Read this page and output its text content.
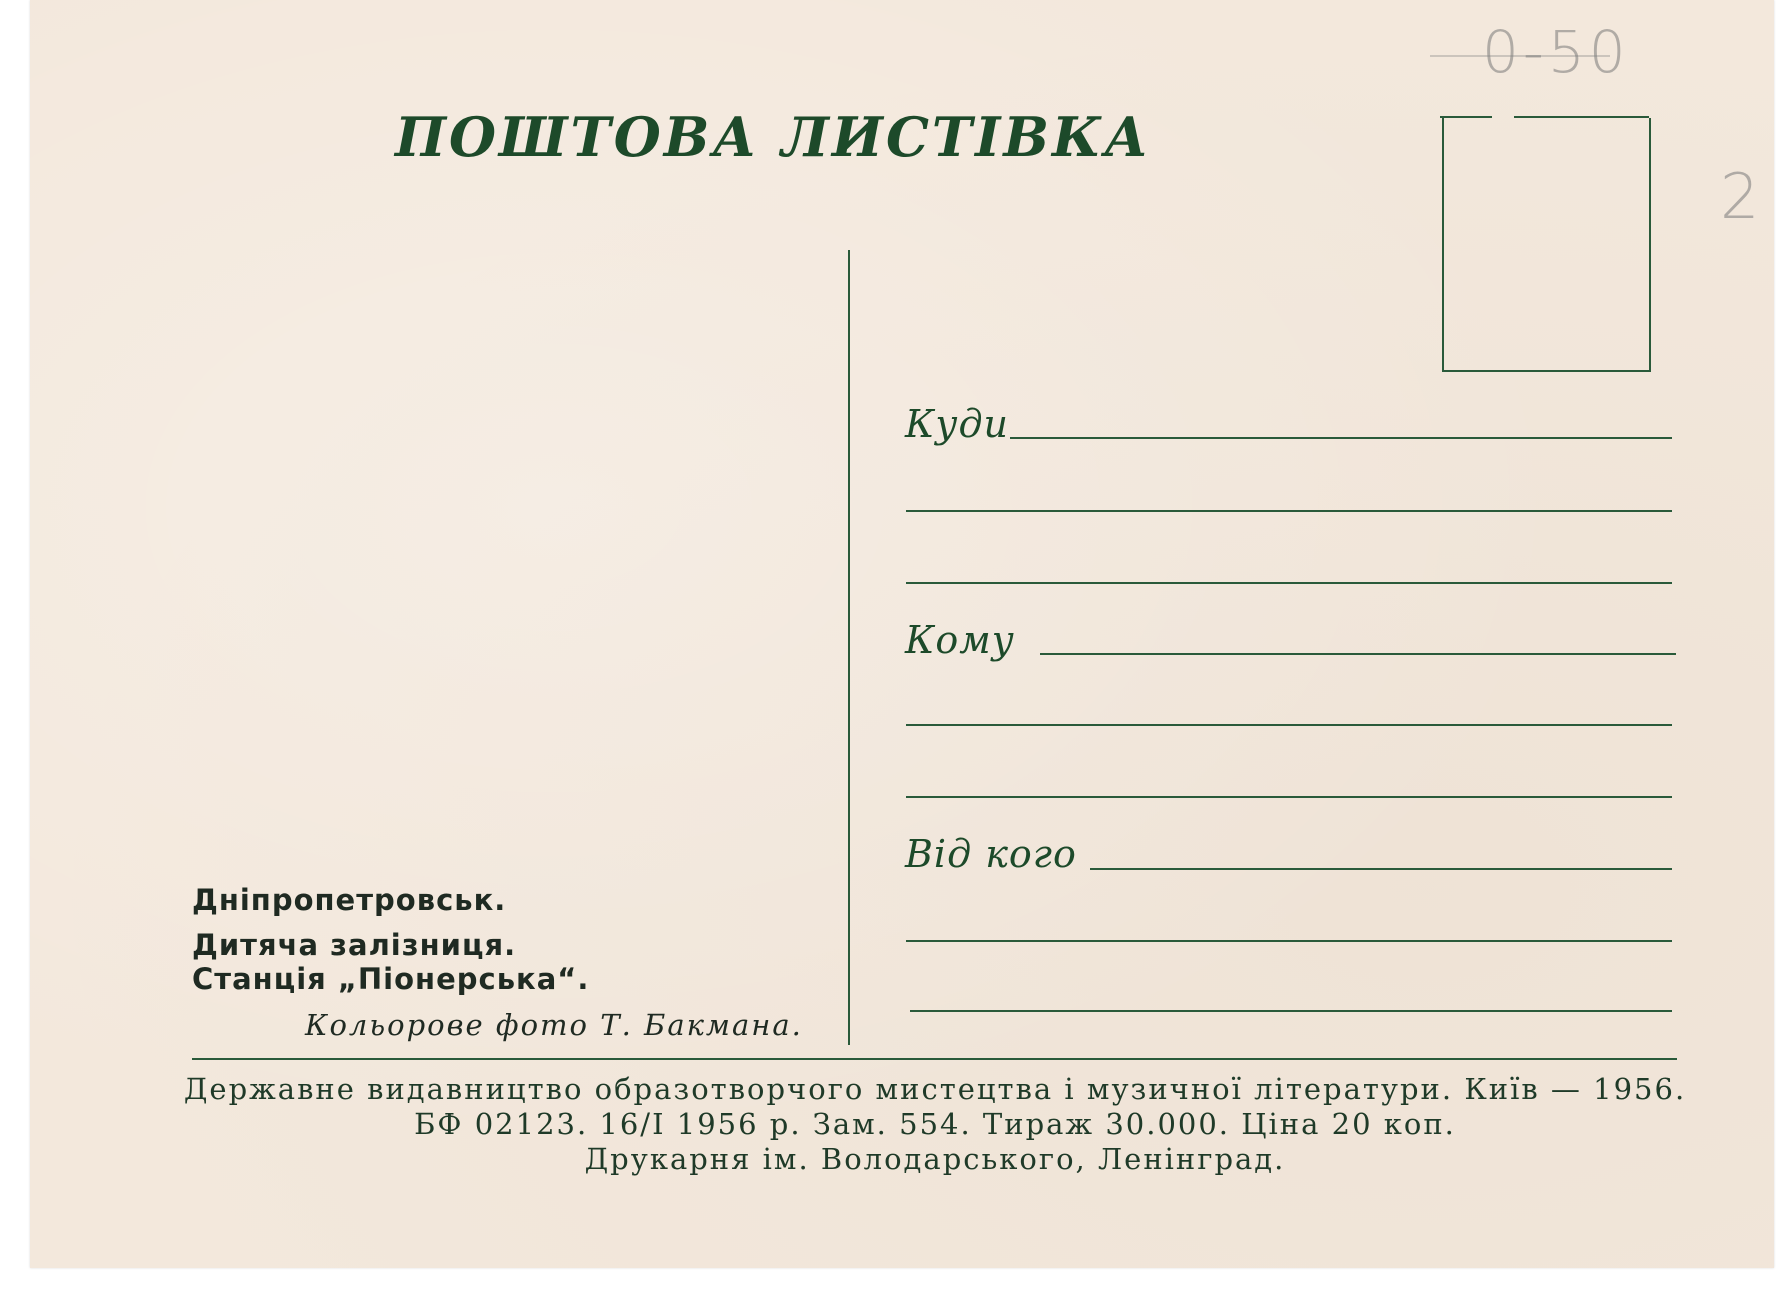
0-50
2
ПОШТОВА ЛИСТІВКА
Куди
Кому
Від кого
Дніпропетровськ.
Дитяча залізниця.
Станція „Піонерська“.
Кольорове фото Т. Бакмана.
Державне видавництво образотворчого мистецтва і музичної літератури. Київ — 1956.
БФ 02123. 16/I 1956 р. Зам. 554. Тираж 30.000. Ціна 20 коп.
Друкарня ім. Володарського, Ленінград.
